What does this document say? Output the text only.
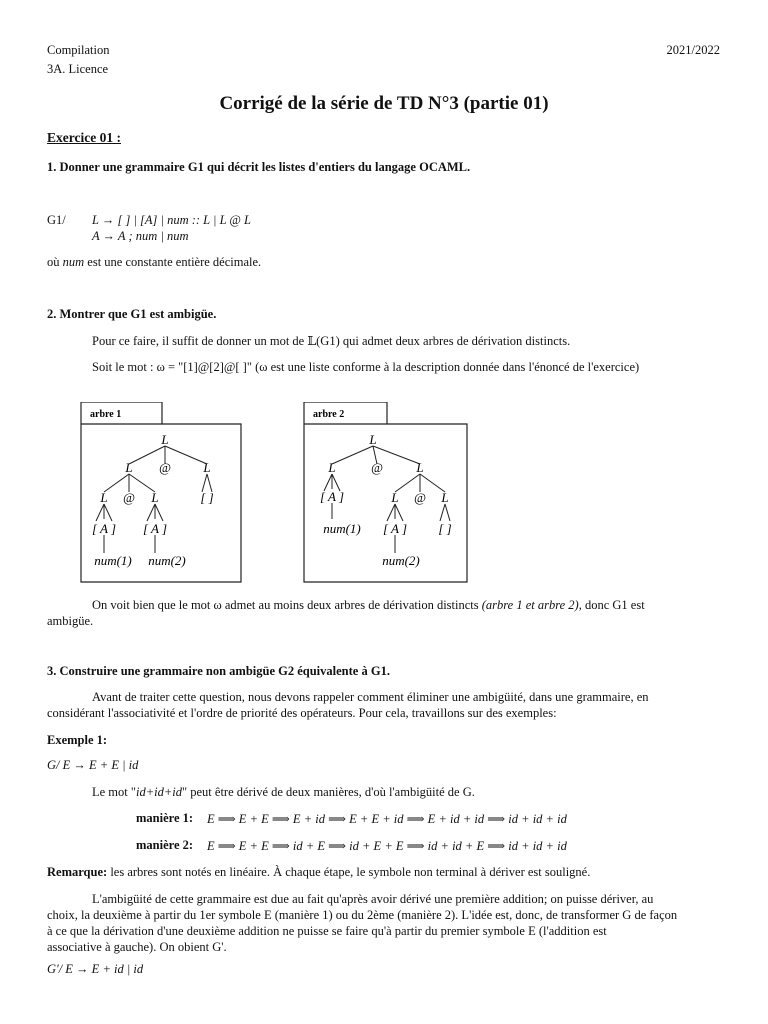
Compilation
3A. Licence
2021/2022
Corrigé de la série de TD N°3 (partie 01)
Exercice 01 :
1. Donner une grammaire G1 qui décrit les listes d'entiers du langage OCAML.
G1/ L → [ ] | [A] | num :: L | L @ L
A → A ; num | num
où num est une constante entière décimale.
2. Montrer que G1 est ambigüe.
Pour ce faire, il suffit de donner un mot de 𝕃(G1) qui admet deux arbres de dérivation distincts.
Soit le mot : ω = "[1]@[2]@[ ]" (ω est une liste conforme à la description donnée dans l'énoncé de l'exercice)
arbre 1
L
L @ L
L @ L	[ ]
[ A ] [ A ]
num(1) num(2)
arbre 2
L
L	@	L
[ A ]	L @ L
num(1) [ A ] [ ]
num(2)
On voit bien que le mot ω admet au moins deux arbres de dérivation distincts (arbre 1 et arbre 2), donc G1 est
ambigüe.
3. Construire une grammaire non ambigüe G2 équivalente à G1.
Avant de traiter cette question, nous devons rappeler comment éliminer une ambigüité, dans une grammaire, en
considérant l'associativité et l'ordre de priorité des opérateurs. Pour cela, travaillons sur des exemples:
Exemple 1:
G/ E → E + E | id
Le mot "id+id+id" peut être dérivé de deux manières, d'où l'ambigüité de G.
manière 1: E ⟹ E + E ⟹ E + id ⟹ E + E + id ⟹ E + id + id ⟹ id + id + id
manière 2: E ⟹ E + E ⟹ id + E ⟹ id + E + E ⟹ id + id + E ⟹ id + id + id
Remarque: les arbres sont notés en linéaire. À chaque étape, le symbole non terminal à dériver est souligné.
L'ambigüité de cette grammaire est due au fait qu'après avoir dérivé une première addition; on puisse dériver, au
choix, la deuxième à partir du 1er symbole E (manière 1) ou du 2ème (manière 2). L'idée est, donc, de transformer G de façon
à ce que la dérivation d'une deuxième addition ne puisse se faire qu'à partir du premier symbole E (l'addition est
associative à gauche). On obient G'.
G'/ E → E + id | id
